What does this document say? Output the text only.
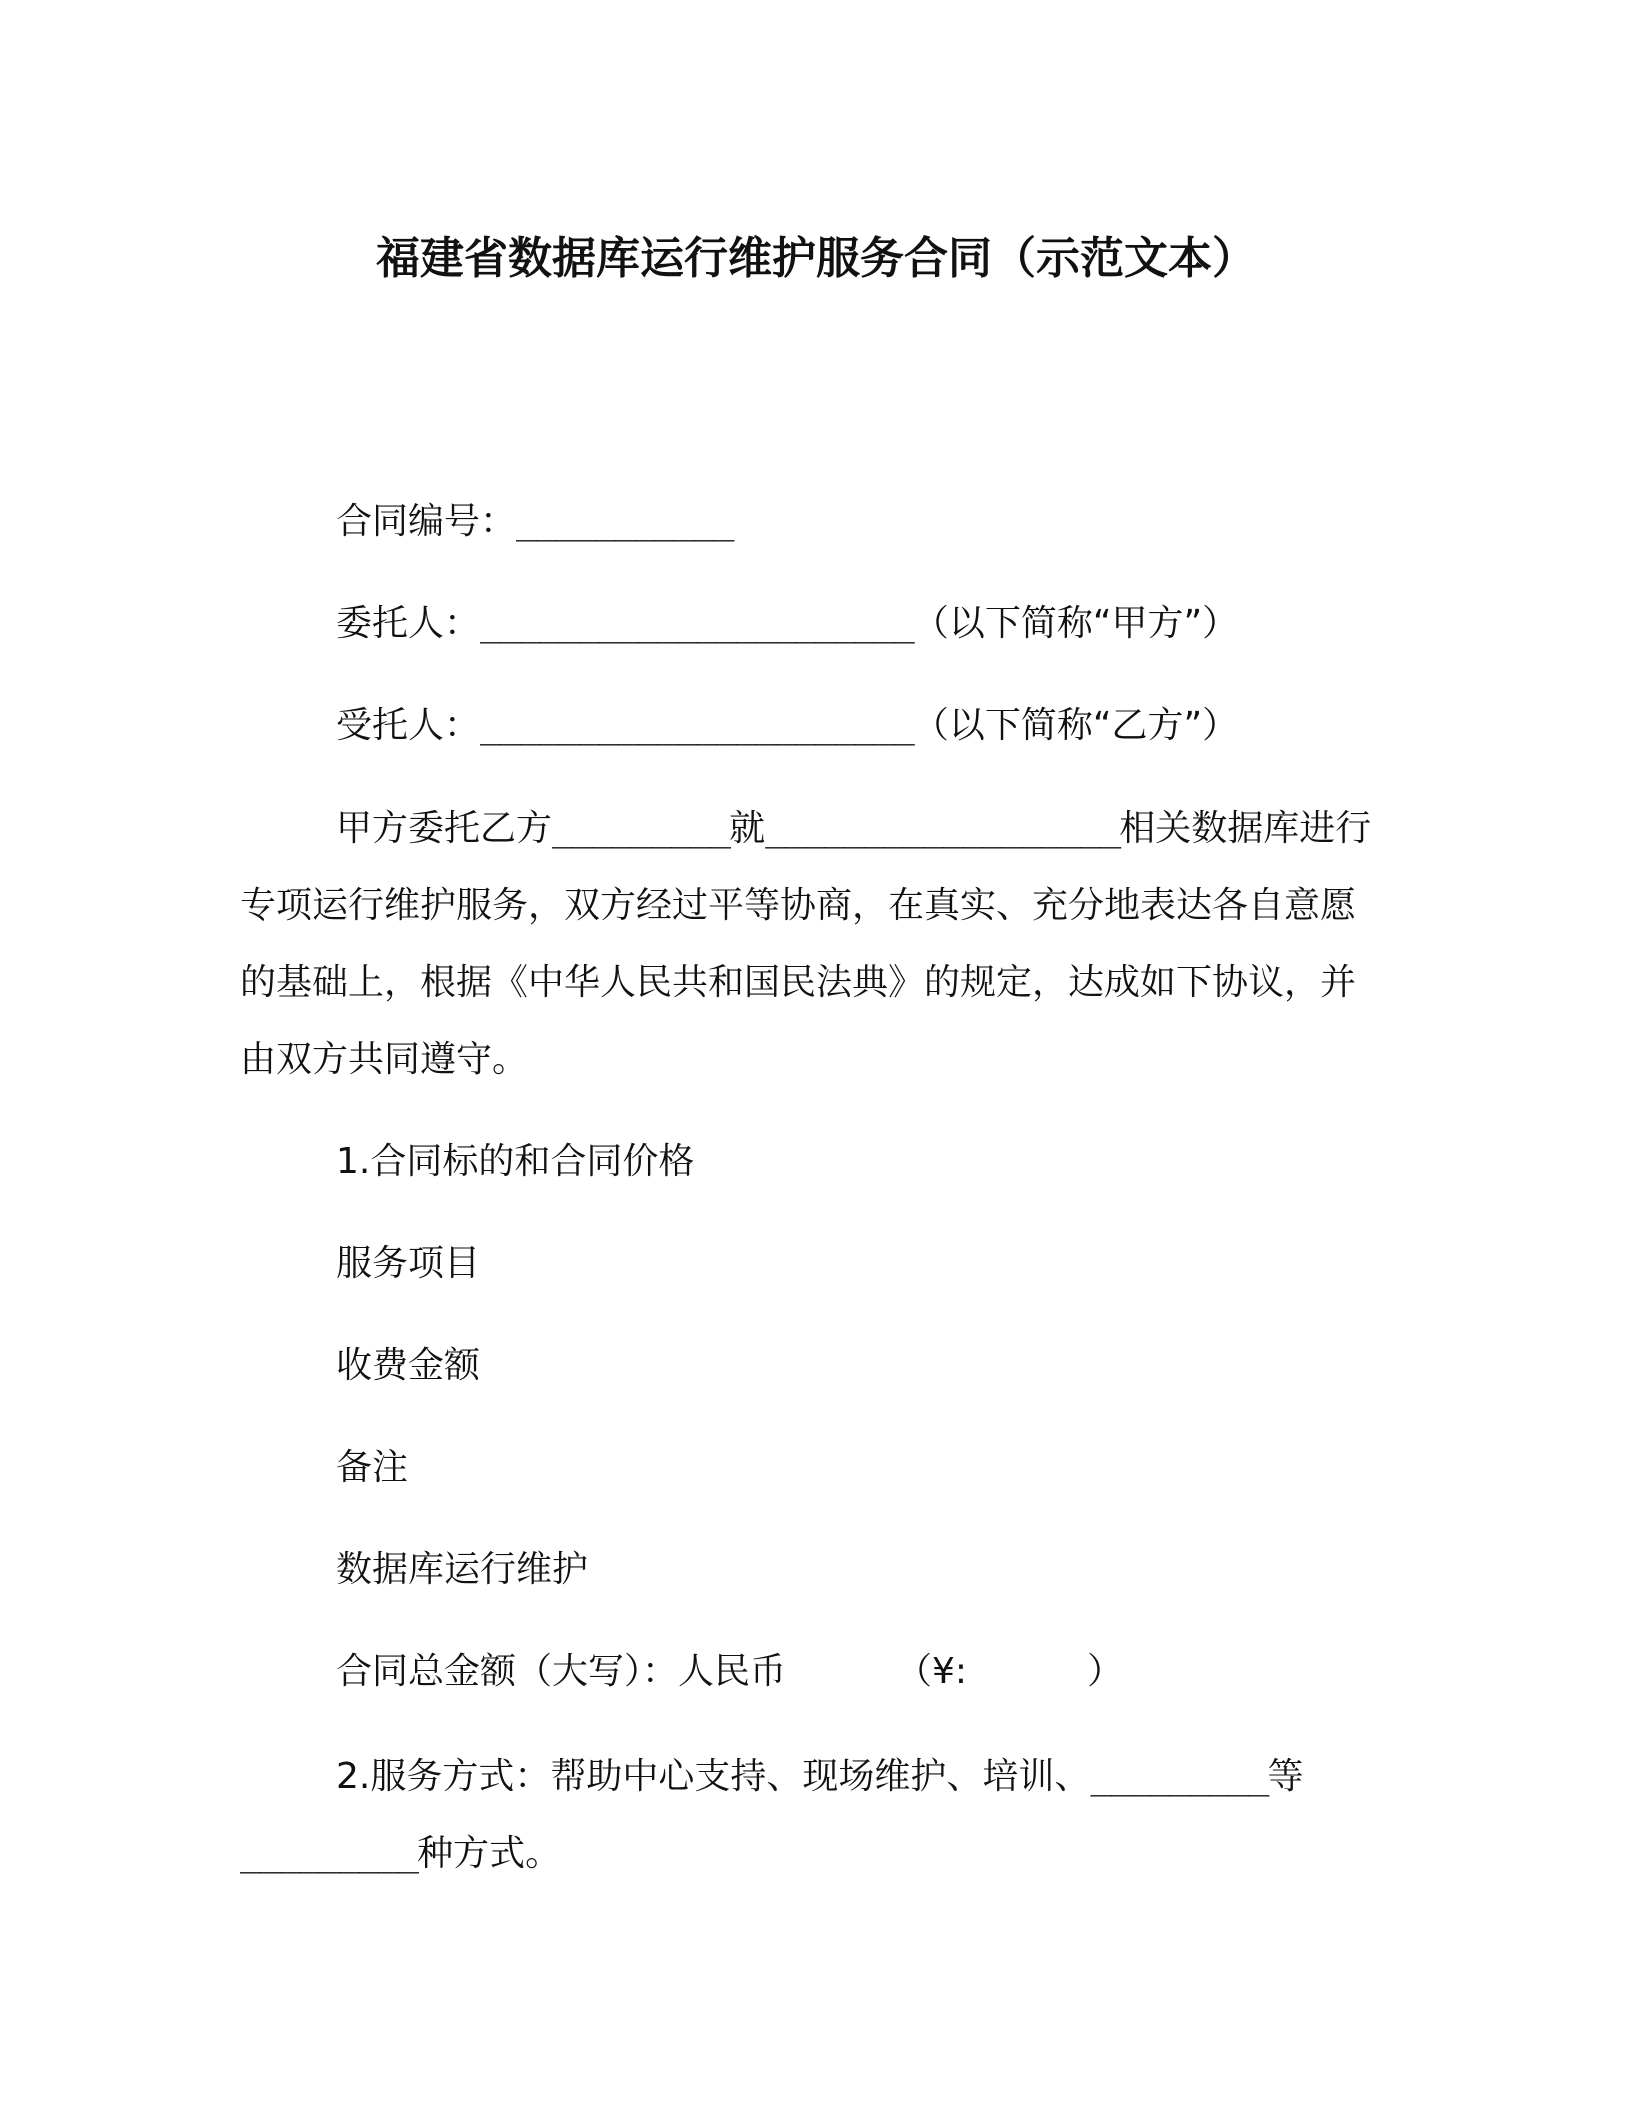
福建省数据库运行维护服务合同（示范文本）
合同编号：___________
委托人：______________________（以下简称“甲方”）
受托人：______________________（以下简称“乙方”）
甲方委托乙方_________就__________________相关数据库进行专项运行维护服务，双方经过平等协商，在真实、充分地表达各自意愿的基础上，根据《中华人民共和国民法典》的规定，达成如下协议，并由双方共同遵守。
1.合同标的和合同价格
服务项目
收费金额
备注
数据库运行维护
合同总金额（大写）：人民币	（¥:	）
2.服务方式：帮助中心支持、现场维护、培训、_________等_________种方式。
